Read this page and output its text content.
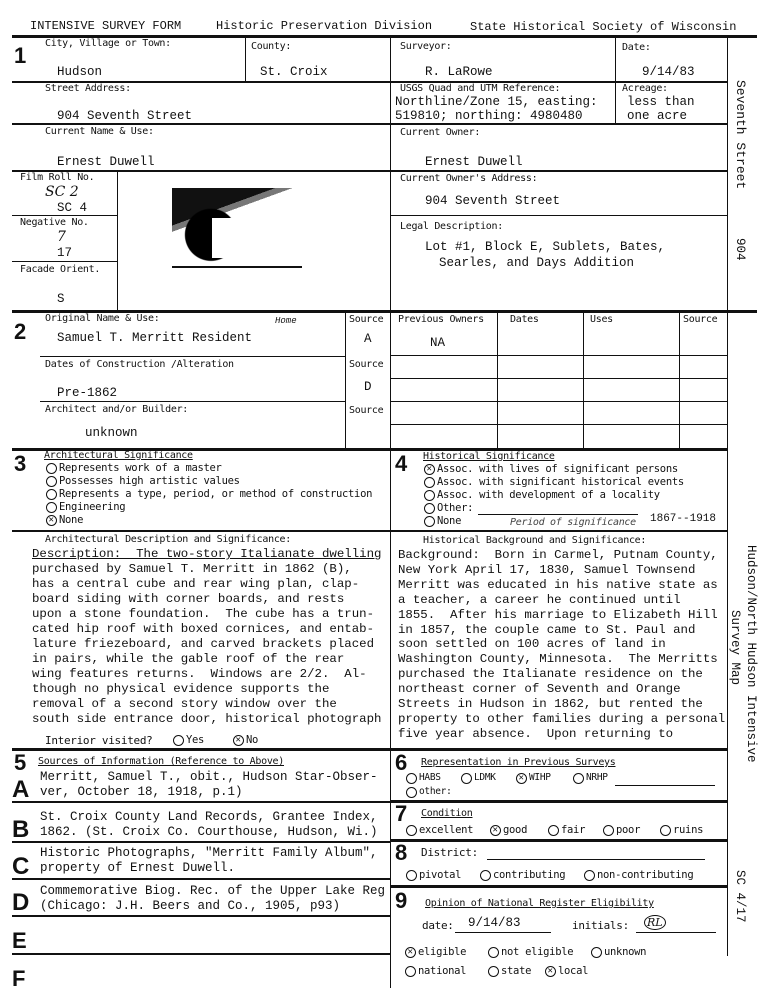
INTENSIVE SURVEY FORM	Historic Preservation Division	State Historical Society of Wisconsin
Seventh Street
904
Hudson/North Hudson Intensive
Survey Map
SC 4/17
1 City, Village or Town:
Hudson
County:
St. Croix
Surveyor:
R. LaRowe
Date:
9/14/83
Street Address:
904 Seventh Street
USGS Quad and UTM Reference:
Northline/Zone 15, easting:
519810; northing: 4980480
Acreage:
less than
one acre
Current Name & Use:
Ernest Duwell
Current Owner:
Ernest Duwell
Film Roll No.
SC 2
SC 4
Negative No.
7
17
Facade Orient.
S
Current Owner's Address:
904 Seventh Street
Legal Description:
Lot #1, Block E, Sublets, Bates,
Searles, and Days Addition
2
Original Name & Use:	Home
Samuel T. Merritt Resident
Source
A
Dates of Construction /Alteration
Pre-1862
Source
D
Architect and/or Builder:
unknown
Source
Previous Owners	Dates	Uses	Source
NA
3 Architectural Significance
Represents work of a master
Possesses high artistic values
Represents a type, period, or method of construction
Engineering
✕
None
4 Historical Significance
✕
Assoc. with lives of significant persons
Assoc. with significant historical events
Assoc. with development of a locality
Other:
None	Period of significance 1867--1918
Architectural Description and Significance:
Description:  The two-story Italianate dwelling
purchased by Samuel T. Merritt in 1862 (B),
has a central cube and rear wing plan, clap-
board siding with corner boards, and rests
upon a stone foundation.  The cube has a trun-
cated hip roof with boxed cornices, and entab-
lature friezeboard, and carved brackets placed
in pairs, while the gable roof of the rear
wing features returns.  Windows are 2/2.  Al-
though no physical evidence supports the
removal of a second story window over the
south side entrance door, historical photograph
Interior visited?	Yes ✕	No
Historical Background and Significance:
Background:  Born in Carmel, Putnam County,
New York April 17, 1830, Samuel Townsend
Merritt was educated in his native state as
a teacher, a career he continued until
1855.  After his marriage to Elizabeth Hill
in 1857, the couple came to St. Paul and
soon settled on 100 acres of land in
Washington County, Minnesota.  The Merritts
purchased the Italianate residence on the
northeast corner of Seventh and Orange
Streets in Hudson in 1862, but rented the
property to other families during a personal
five year absence.  Upon returning to
5 Sources of Information (Reference to Above)
A Merritt, Samuel T., obit., Hudson Star-Obser-
ver, October 18, 1918, p.1)
B St. Croix County Land Records, Grantee Index,
1862. (St. Croix Co. Courthouse, Hudson, Wi.)
C Historic Photographs, "Merritt Family Album",
property of Ernest Duwell.
D Commemorative Biog. Rec. of the Upper Lake Reg
(Chicago: J.H. Beers and Co., 1905, p93)
E
F
6 Representation in Previous Surveys
HABS	LDMK ✕	WIHP	NRHP
other:
7 Condition
excellent ✕	good	fair	poor	ruins
8 District:
pivotal	contributing	non-contributing
9 Opinion of National Register Eligibility
date: 9/14/83	initials: RL
✕
eligible	not eligible	unknown
national	state ✕	local
